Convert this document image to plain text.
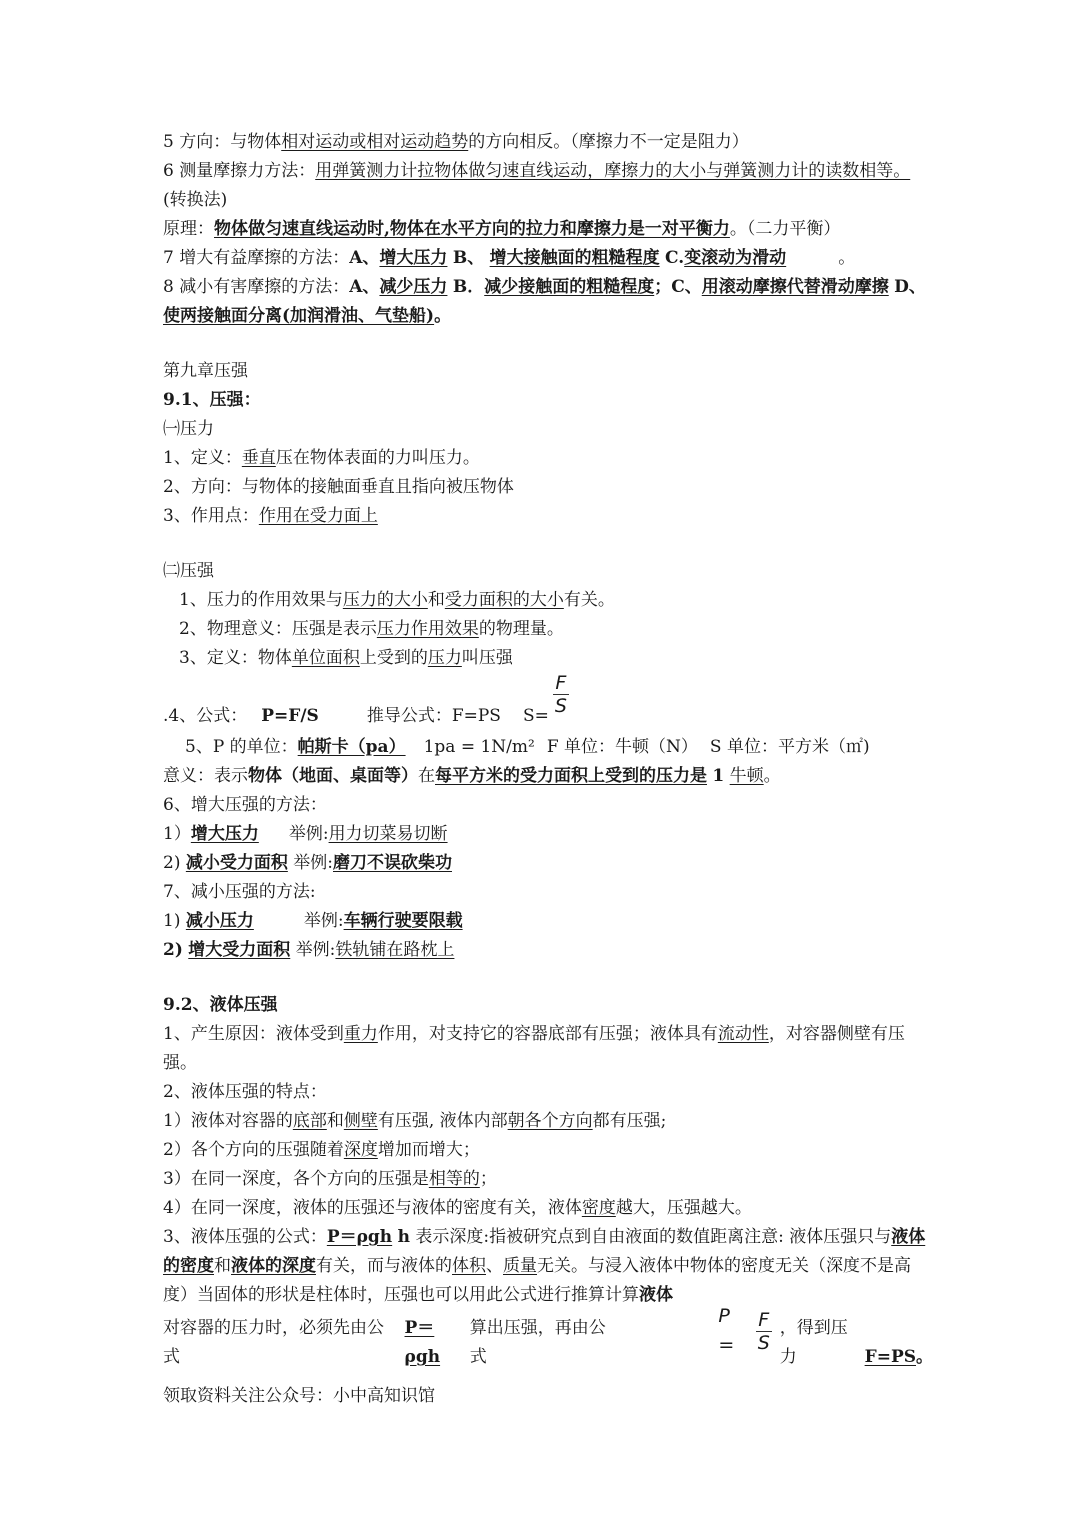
5 方向：与物体相对运动或相对运动趋势的方向相反。（摩擦力不一定是阻力）
6 测量摩擦力方法：用弹簧测力计拉物体做匀速直线运动，摩擦力的大小与弹簧测力计的读数相等。(转换法)
原理：物体做匀速直线运动时,物体在水平方向的拉力和摩擦力是一对平衡力。（二力平衡）
7 增大有益摩擦的方法：A、增大压力 B、 增大接触面的粗糙程度 C.变滚动为滑动	。
8 减小有害摩擦的方法：A、减少压力 B．减少接触面的粗糙程度；C、用滚动摩擦代替滑动摩擦 D、使两接触面分离(加润滑油、气垫船)。
第九章压强
9.1、压强：
㈠压力
1、定义：垂直压在物体表面的力叫压力。
2、方向：与物体的接触面垂直且指向被压物体
3、作用点：作用在受力面上
㈡压强
1、压力的作用效果与压力的大小和受力面积的大小有关。
2、物理意义：压强是表示压力作用效果的物理量。
3、定义：物体单位面积上受到的压力叫压强
.4、公式： P=F/S	推导公式：F=PS $S= \frac{F}{S}$
5、P 的单位：帕斯卡（pa） 1pa = 1N/m² F 单位：牛顿（N） S 单位：平方米（㎡)
意义：表示物体（地面、桌面等）在每平方米的受力面积上受到的压力是 1 牛顿。
6、增大压强的方法：
1）增大压力 举例:用力切菜易切断
2) 减小受力面积 举例:磨刀不误砍柴功
7、减小压强的方法:
1) 减小压力	举例:车辆行驶要限载
2) 增大受力面积 举例:铁轨铺在路枕上
9.2、液体压强
1、产生原因：液体受到重力作用，对支持它的容器底部有压强；液体具有流动性，对容器侧壁有压强。
2、液体压强的特点：
1）液体对容器的底部和侧壁有压强, 液体内部朝各个方向都有压强;
2）各个方向的压强随着深度增加而增大；
3）在同一深度，各个方向的压强是相等的；
4）在同一深度，液体的压强还与液体的密度有关，液体密度越大，压强越大。
3、液体压强的公式：P＝ρgh h 表示深度:指被研究点到自由液面的数值距离注意: 液体压强只与液体的密度和液体的深度有关，而与液体的体积、质量无关。与浸入液体中物体的密度无关（深度不是高度）当固体的形状是柱体时，压强也可以用此公式进行推算计算液体
对容器的压力时，必须先由公式
P＝ρgh
算出压强，再由公式
P =	$\frac{F}{S}$ ，得到压力	F=PS 。
领取资料关注公众号：小中高知识馆
